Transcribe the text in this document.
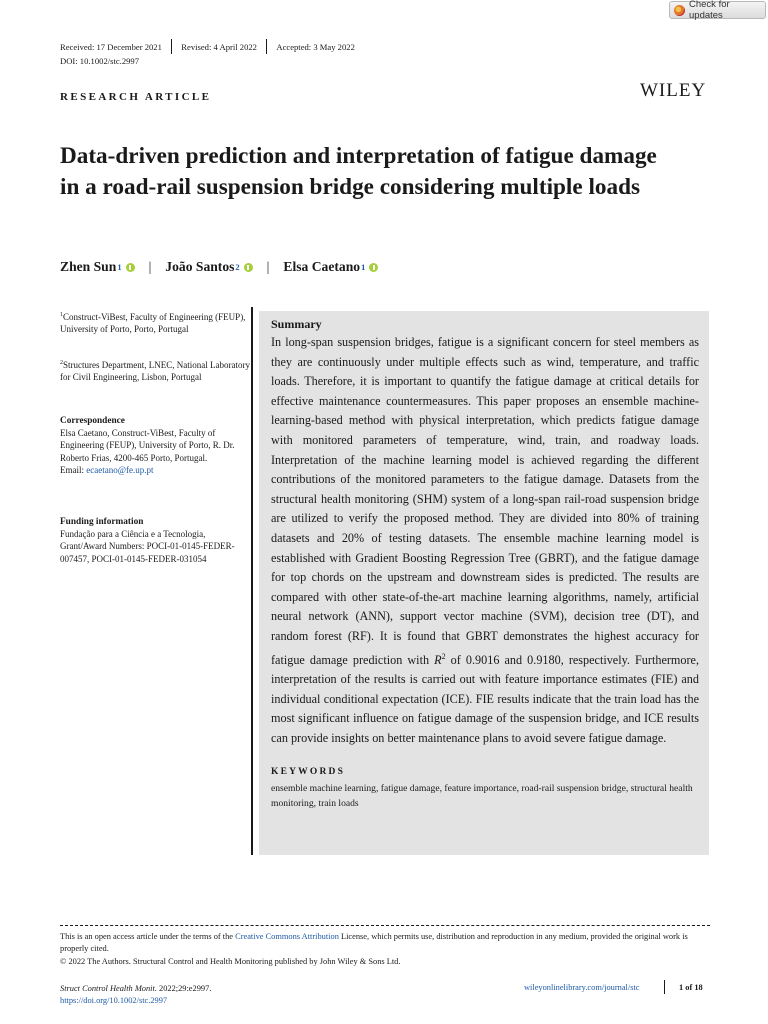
Check for updates
Received: 17 December 2021 Revised: 4 April 2022 Accepted: 3 May 2022
DOI: 10.1002/stc.2997
RESEARCH ARTICLE	WILEY
Data-driven prediction and interpretation of fatigue damage in a road-rail suspension bridge considering multiple loads
Zhen Sun 1 | João Santos 2 | Elsa Caetano 1
$^1$Construct-ViBest, Faculty of Engineering (FEUP), University of Porto, Porto, Portugal
$^2$Structures Department, LNEC, National Laboratory for Civil Engineering, Lisbon, Portugal
Correspondence
Elsa Caetano, Construct-ViBest, Faculty of Engineering (FEUP), University of Porto, R. Dr. Roberto Frias, 4200-465 Porto, Portugal.
Email: ecaetano@fe.up.pt
Funding information
Fundação para a Ciência e a Tecnologia, Grant/Award Numbers: POCI-01-0145-FEDER-007457, POCI-01-0145-FEDER-031054

Summary

In long-span suspension bridges, fatigue is a significant concern for steel members as they are continuously under multiple effects such as wind, temperature, and traffic loads. Therefore, it is important to quantify the fatigue damage at critical details for effective maintenance countermeasures. This paper proposes an ensemble machine-learning-based method with physical interpretation, which predicts fatigue damage with monitored parameters of temperature, wind, train, and roadway loads. Interpretation of the machine learning model is achieved regarding the different contributions of the monitored parameters to the fatigue damage. Datasets from the structural health monitoring (SHM) system of a long-span rail-road suspension bridge are utilized to verify the proposed method. They are divided into 80% of training datasets and 20% of testing datasets. The ensemble machine learning model is established with Gradient Boosting Regression Tree (GBRT), and the fatigue damage for top chords on the upstream and downstream sides is predicted. The results are compared with other state-of-the-art machine learning algorithms, namely, artificial neural network (ANN), support vector machine (SVM), decision tree (DT), and random forest (RF). It is found that GBRT demonstrates the highest accuracy for fatigue damage prediction with $R^2$ of 0.9016 and 0.9180, respectively. Furthermore, interpretation of the results is carried out with feature importance estimates (FIE) and individual conditional expectation (ICE). FIE results indicate that the train load has the most significant influence on fatigue damage of the suspension bridge, and ICE results can provide insights on better maintenance plans to avoid severe fatigue damage.

KEYWORDS
ensemble machine learning, fatigue damage, feature importance, road-rail suspension bridge, structural health monitoring, train loads
This is an open access article under the terms of the Creative Commons Attribution License, which permits use, distribution and reproduction in any medium, provided the original work is properly cited.
© 2022 The Authors. Structural Control and Health Monitoring published by John Wiley & Sons Ltd.
Struct Control Health Monit. 2022;29:e2997.
https://doi.org/10.1002/stc.2997
wileyonlinelibrary.com/journal/stc	1 of 18
